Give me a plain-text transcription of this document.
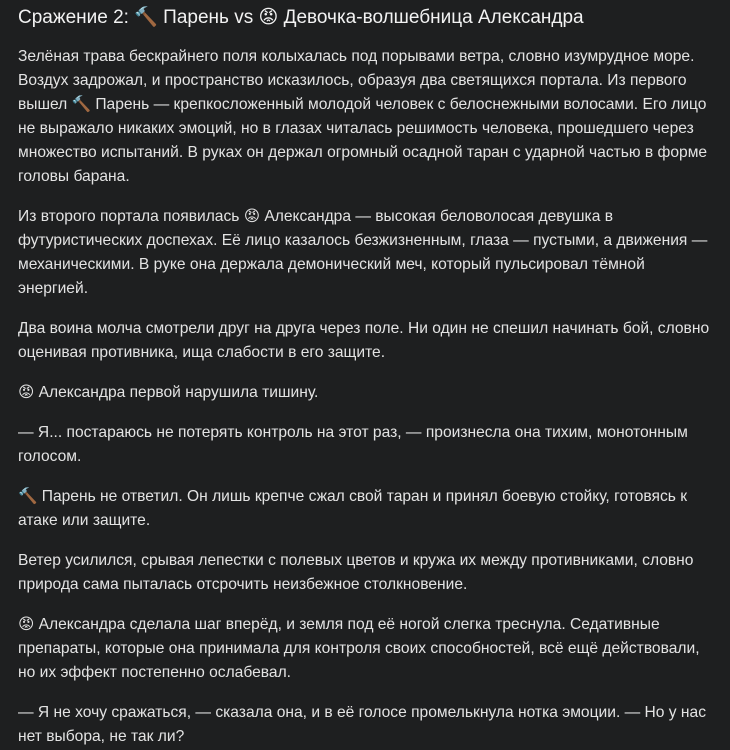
Сражение 2: 🔨 Парень vs 😡 Девочка-волшебница Александра

Зелёная трава бескрайнего поля колыхалась под порывами ветра, словно изумрудное море. Воздух задрожал, и пространство исказилось, образуя два светящихся портала. Из первого вышел 🔨 Парень — крепкосложенный молодой человек с белоснежными волосами. Его лицо не выражало никаких эмоций, но в глазах читалась решимость человека, прошедшего через множество испытаний. В руках он держал огромный осадной таран с ударной частью в форме головы барана.

Из второго портала появилась 😡 Александра — высокая беловолосая девушка в футуристических доспехах. Её лицо казалось безжизненным, глаза — пустыми, а движения — механическими. В руке она держала демонический меч, который пульсировал тёмной энергией.

Два воина молча смотрели друг на друга через поле. Ни один не спешил начинать бой, словно оценивая противника, ища слабости в его защите.

😡 Александра первой нарушила тишину.

— Я... постараюсь не потерять контроль на этот раз, — произнесла она тихим, монотонным голосом.

🔨 Парень не ответил. Он лишь крепче сжал свой таран и принял боевую стойку, готовясь к атаке или защите.

Ветер усилился, срывая лепестки с полевых цветов и кружа их между противниками, словно природа сама пыталась отсрочить неизбежное столкновение.

😡 Александра сделала шаг вперёд, и земля под её ногой слегка треснула. Седативные препараты, которые она принимала для контроля своих способностей, всё ещё действовали, но их эффект постепенно ослабевал.

— Я не хочу сражаться, — сказала она, и в её голосе промелькнула нотка эмоции. — Но у нас нет выбора, не так ли?
